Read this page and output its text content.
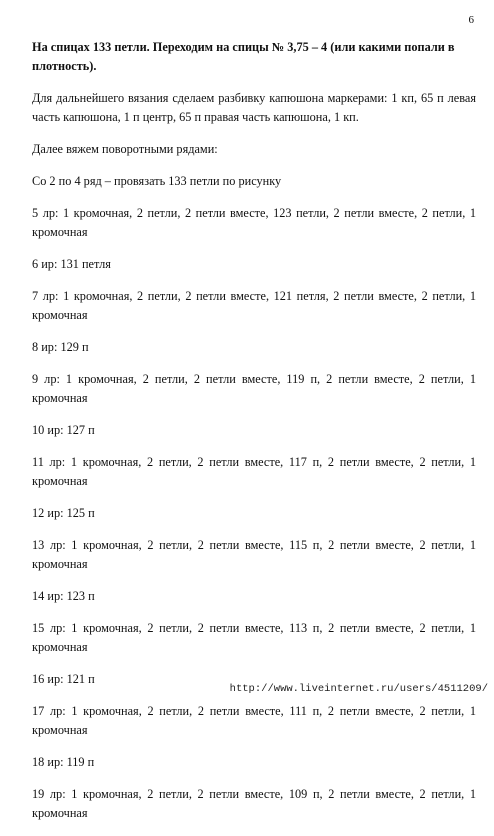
6
На спицах 133 петли. Переходим на спицы № 3,75 – 4 (или какими попали в плотность).

Для дальнейшего вязания сделаем разбивку капюшона маркерами: 1 кп, 65 п левая часть капюшона, 1 п центр, 65 п правая часть капюшона, 1 кп.

Далее вяжем поворотными рядами:

Со 2 по 4 ряд – провязать 133 петли по рисунку

5 лр: 1 кромочная, 2 петли, 2 петли вместе, 123 петли, 2 петли вместе, 2 петли, 1 кромочная
6 ир: 131 петля
7 лр: 1 кромочная, 2 петли, 2 петли вместе, 121 петля, 2 петли вместе, 2 петли, 1 кромочная
8 ир: 129 п
9 лр: 1 кромочная, 2 петли, 2 петли вместе, 119 п, 2 петли вместе, 2 петли, 1 кромочная
10 ир: 127 п
11 лр: 1 кромочная, 2 петли, 2 петли вместе, 117 п, 2 петли вместе, 2 петли, 1 кромочная
12 ир: 125 п
13 лр: 1 кромочная, 2 петли, 2 петли вместе, 115 п, 2 петли вместе, 2 петли, 1 кромочная
14 ир: 123 п
15 лр: 1 кромочная, 2 петли, 2 петли вместе, 113 п, 2 петли вместе, 2 петли, 1 кромочная
16 ир: 121 п
17 лр: 1 кромочная, 2 петли, 2 петли вместе, 111 п, 2 петли вместе, 2 петли, 1 кромочная
18 ир: 119 п
19 лр: 1 кромочная, 2 петли, 2 петли вместе, 109 п, 2 петли вместе, 2 петли, 1 кромочная
http://www.liveinternet.ru/users/4511209/
